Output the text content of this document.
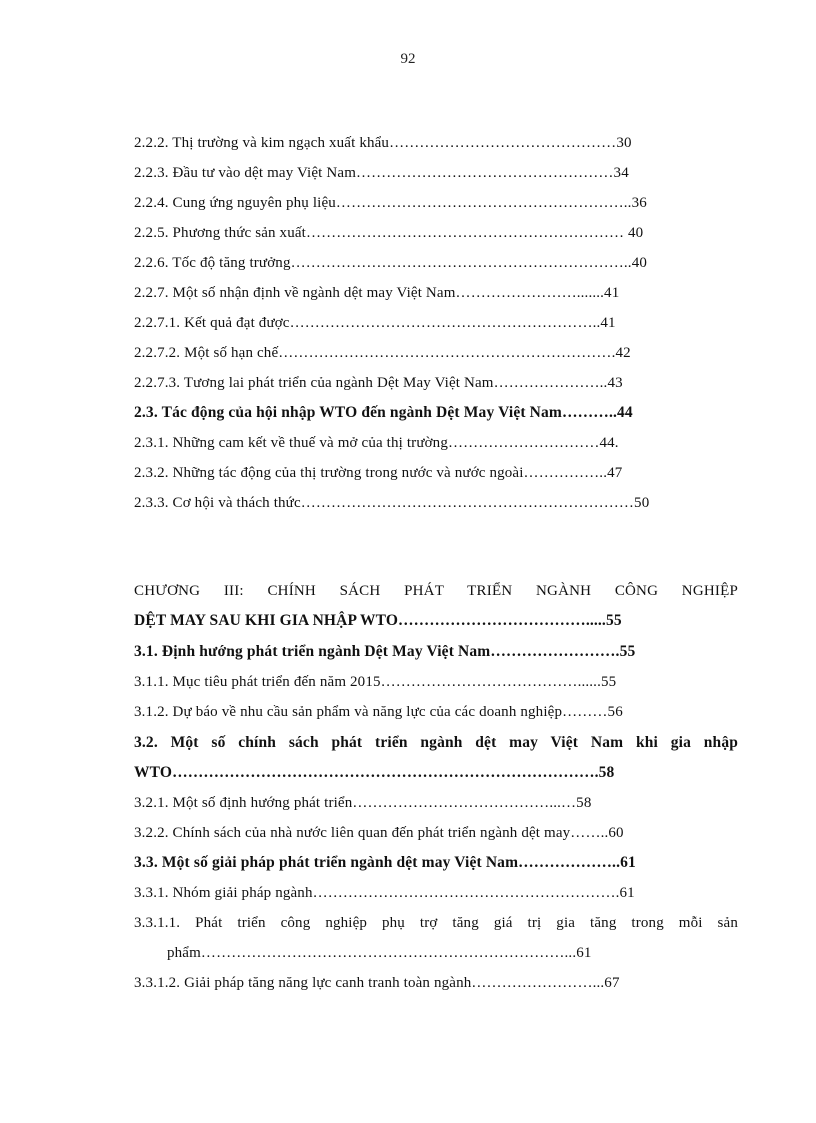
92
2.2.2. Thị trường và kim ngạch xuất khẩu………………………………………30
2.2.3. Đầu tư vào dệt may Việt Nam……………………………………………34
2.2.4. Cung ứng nguyên phụ liệu…………………………………………………..36
2.2.5. Phương thức sản xuất……………………………………………………… 40
2.2.6. Tốc độ tăng trưởng…………………………………………………………..40
2.2.7. Một số nhận định về ngành dệt may Việt Nam…………………….......41
2.2.7.1. Kết quả đạt được……………………………………………………..41
2.2.7.2. Một số hạn chế………………………………………………………….42
2.2.7.3. Tương lai phát triển của ngành Dệt May Việt Nam…………………..43
2.3. Tác động của hội nhập WTO đến ngành Dệt May Việt Nam………..44
2.3.1. Những cam kết về thuế và mở của thị trường…………………………44.
2.3.2. Những tác động của thị trường trong nước và nước ngoài……………..47
2.3.3. Cơ hội và thách thức…………………………………………………………50
CHƯƠNG III: CHÍNH SÁCH PHÁT TRIỂN NGÀNH CÔNG NGHIỆP
DỆT MAY SAU KHI GIA NHẬP WTO……………………………….....55
3.1. Định hướng phát triển ngành Dệt May Việt Nam…………………….55
3.1.1. Mục tiêu phát triển đến năm 2015…………………………………......55
3.1.2. Dự báo về nhu cầu sản phẩm và năng lực của các doanh nghiệp………56
3.2. Một số chính sách phát triển ngành dệt may Việt Nam khi gia nhập
WTO……………………………………………………………………….58
3.2.1. Một số định hướng phát triển…………………………………...…58
3.2.2. Chính sách của nhà nước liên quan đến phát triển ngành dệt may……..60
3.3. Một số giải pháp phát triển ngành dệt may Việt Nam………………..61
3.3.1. Nhóm giải pháp ngành…………………………………………………….61
3.3.1.1. Phát triển công nghiệp phụ trợ tăng giá trị gia tăng trong mỗi sản
phẩm………………………………………………………………...61
3.3.1.2. Giải pháp tăng năng lực canh tranh toàn ngành……………………...67
